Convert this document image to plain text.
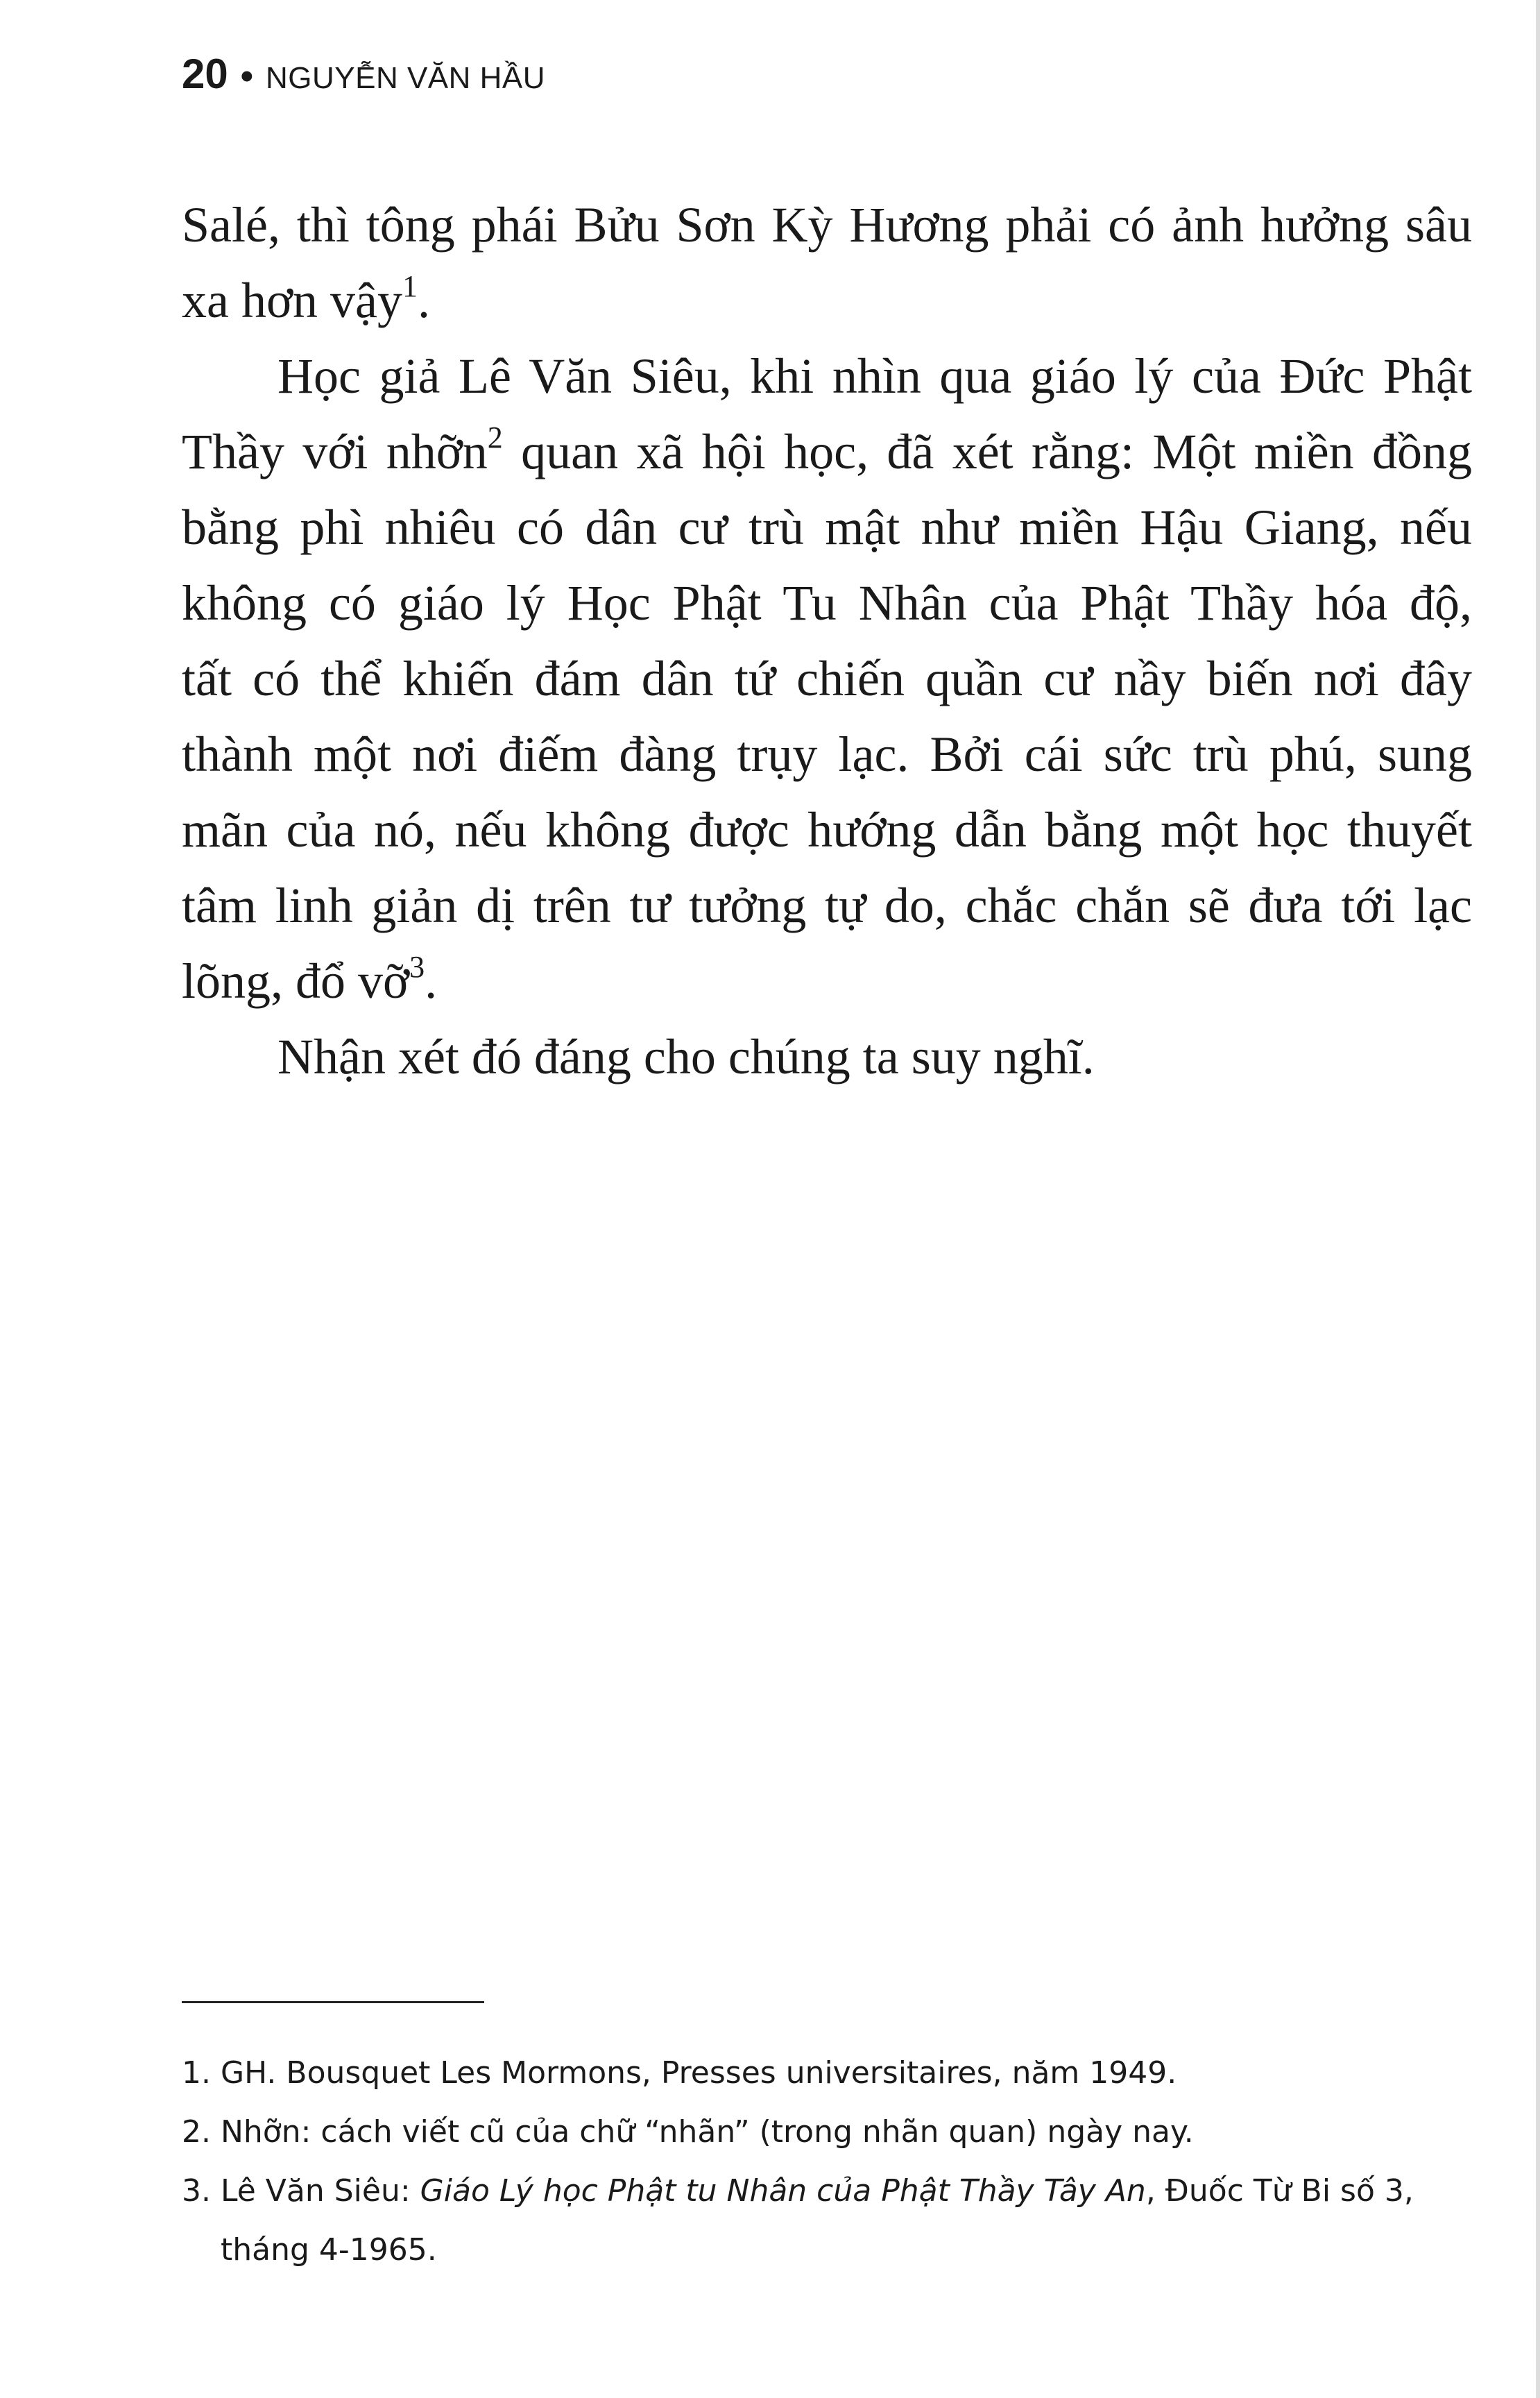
20 • NGUYỄN VĂN HẦU
Salé, thì tông phái Bửu Sơn Kỳ Hương phải có ảnh hưởng sâu
xa hơn vậy$^1$.
Học giả Lê Văn Siêu, khi nhìn qua giáo lý của Đức Phật
Thầy với nhỡn$^2$ quan xã hội học, đã xét rằng: Một miền đồng
bằng phì nhiêu có dân cư trù mật như miền Hậu Giang, nếu
không có giáo lý Học Phật Tu Nhân của Phật Thầy hóa độ,
tất có thể khiến đám dân tứ chiến quần cư nầy biến nơi đây
thành một nơi điếm đàng trụy lạc. Bởi cái sức trù phú, sung
mãn của nó, nếu không được hướng dẫn bằng một học thuyết
tâm linh giản dị trên tư tưởng tự do, chắc chắn sẽ đưa tới lạc
lõng, đổ vỡ$^3$.
Nhận xét đó đáng cho chúng ta suy nghĩ.
1. GH. Bousquet Les Mormons, Presses universitaires, năm 1949.
2. Nhỡn: cách viết cũ của chữ “nhãn” (trong nhãn quan) ngày nay.
3. Lê Văn Siêu: Giáo Lý học Phật tu Nhân của Phật Thầy Tây An, Đuốc Từ Bi số 3,
tháng 4-1965.
